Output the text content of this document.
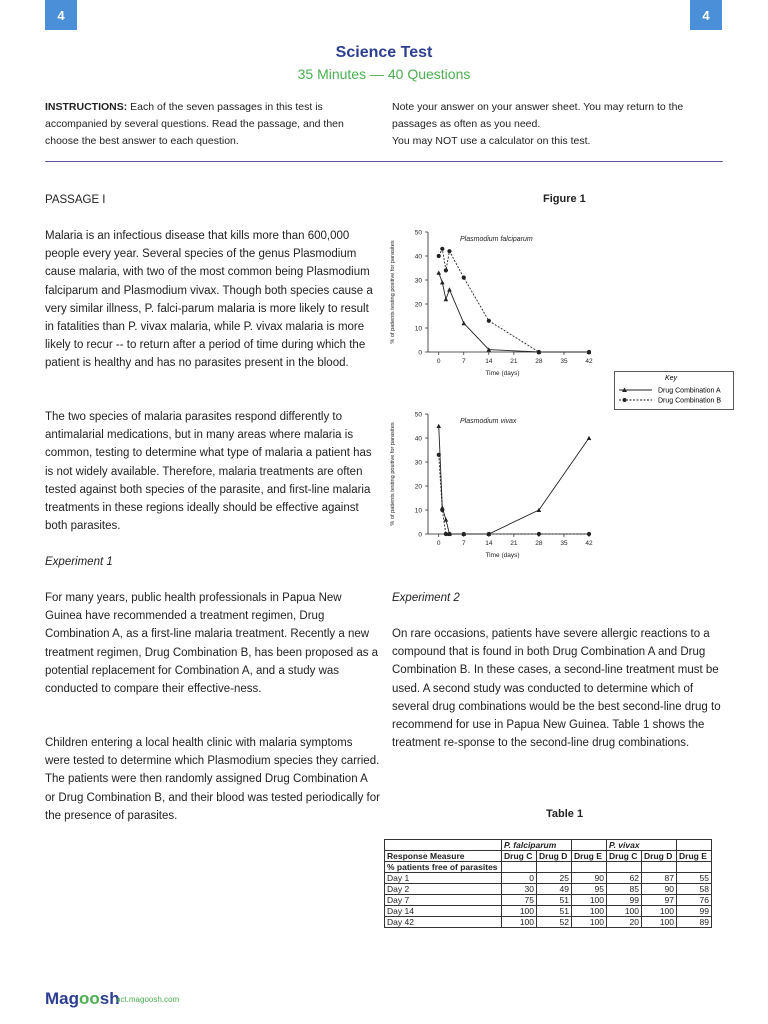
4	4
Science Test
35 Minutes — 40 Questions
INSTRUCTIONS: Each of the seven passages in this test is accompanied by several questions. Read the passage, and then choose the best answer to each question.
Note your answer on your answer sheet. You may return to the passages as often as you need.
You may NOT use a calculator on this test.
PASSAGE I
Malaria is an infectious disease that kills more than 600,000 people every year. Several species of the genus Plasmodium cause malaria, with two of the most common being Plasmodium falciparum and Plasmodium vivax. Though both species cause a very similar illness, P. falci-parum malaria is more likely to result in fatalities than P. vivax malaria, while P. vivax malaria is more likely to recur -- to return after a period of time during which the patient is healthy and has no parasites present in the blood.
The two species of malaria parasites respond differently to antimalarial medications, but in many areas where malaria is common, testing to determine what type of malaria a patient has is not widely available. Therefore, malaria treatments are often tested against both species of the parasite, and first-line malaria treatments in these regions ideally should be effective against both parasites.
Experiment 1
For many years, public health professionals in Papua New Guinea have recommended a treatment regimen, Drug Combination A, as a first-line malaria treatment. Recently a new treatment regimen, Drug Combination B, has been proposed as a potential replacement for Combination A, and a study was conducted to compare their effective-ness.
Children entering a local health clinic with malaria symptoms were tested to determine which Plasmodium species they carried. The patients were then randomly assigned Drug Combination A or Drug Combination B, and their blood was tested periodically for the presence of parasites.
Experiment 2
On rare occasions, patients have severe allergic reactions to a compound that is found in both Drug Combination A and Drug Combination B. In these cases, a second-line treatment must be used. A second study was conducted to determine which of several drug combinations would be the best second-line drug to recommend for use in Papua New Guinea. Table 1 shows the treatment re-sponse to the second-line drug combinations.
Figure 1
0
10
20
30
40
50
0	7	14	21	28	35	42
Time (days)
% of patients testing positive for parasites
Plasmodium falciparum
0
10
20
30
40
50
0	7	14	21	28	35	42
Time (days)
% of patients testing positive for parasites
Plasmodium vivax
Key
Drug Combination A
Drug Combination B
Table 1
	P. falciparum			P. vivax		
Response Measure	Drug C	Drug D	Drug E	Drug C	Drug D	Drug E
% patients free of parasites						
Day 1	0	25	90	62	87	55
Day 2	30	49	95	85	90	58
Day 7	75	51	100	99	97	76
Day 14	100	51	100	100	100	99
Day 42	100	52	100	20	100	89
Magoosh
act.magoosh.com
